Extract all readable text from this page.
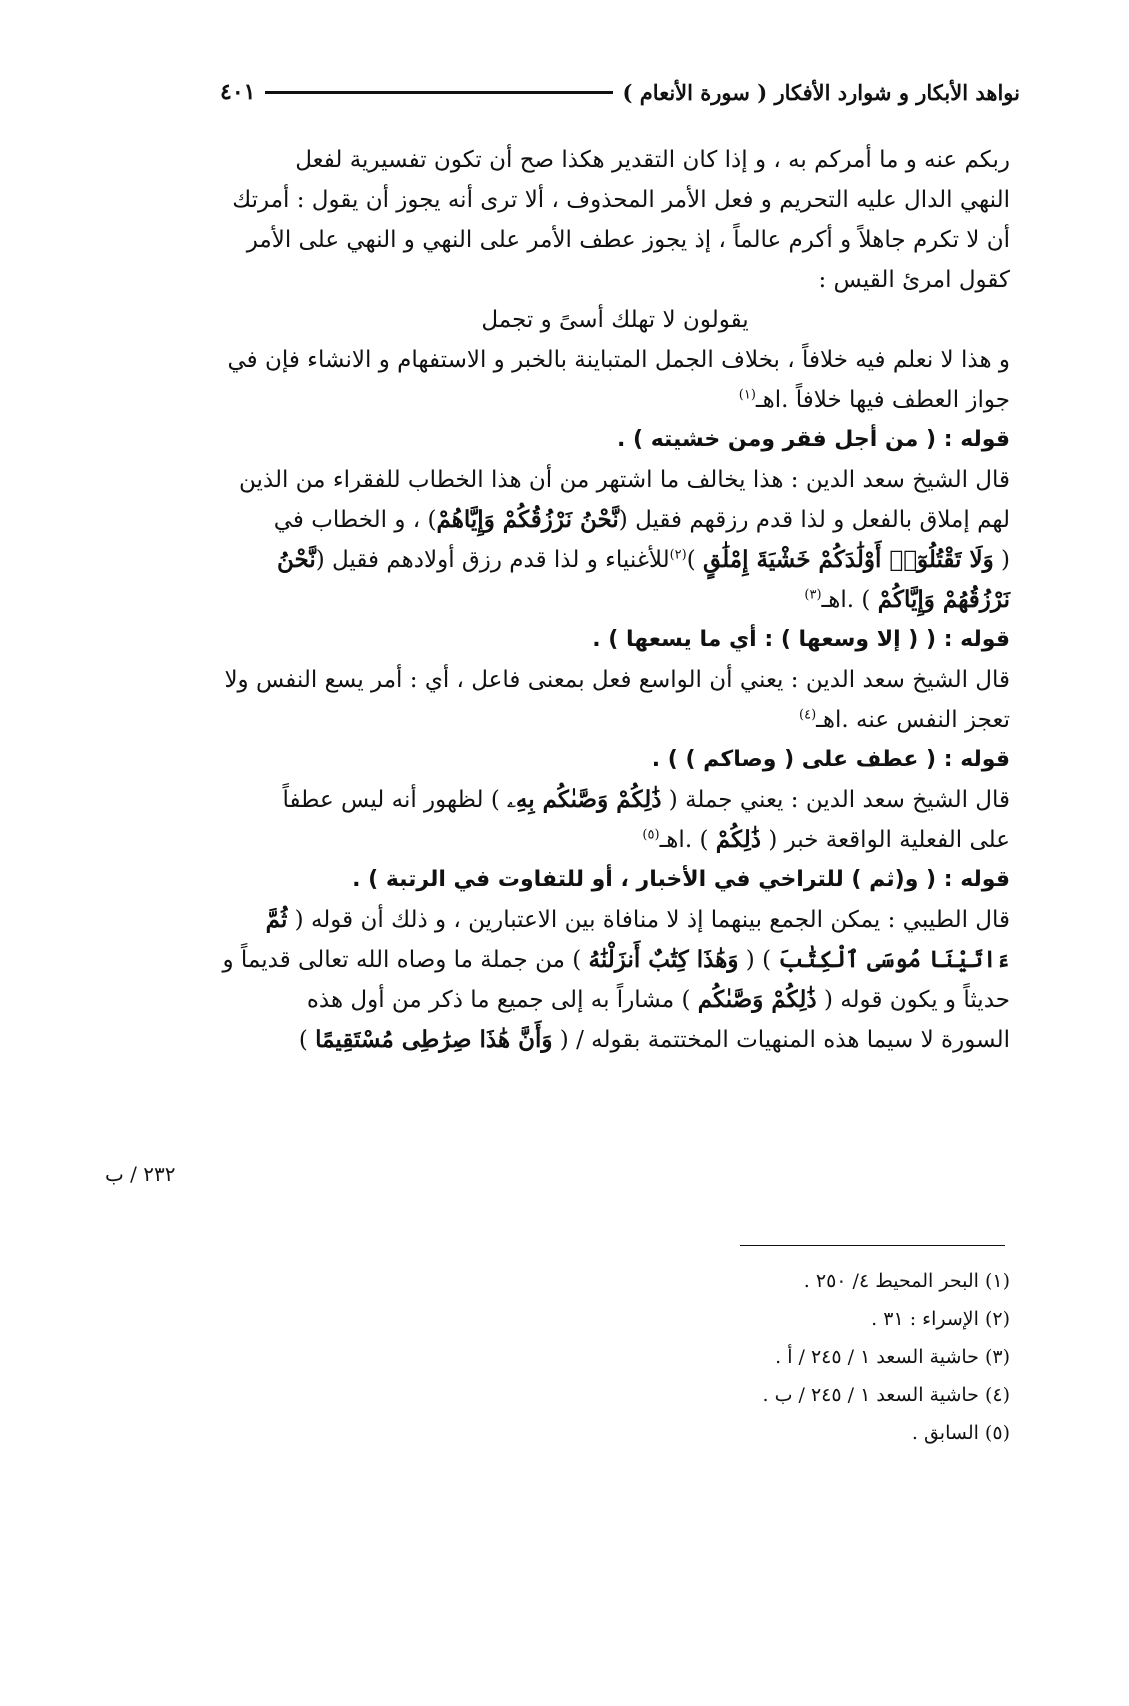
نواهد الأبكار و شوارد الأفكار ( سورة الأنعام )
٤٠١
ربكم عنه و ما أمركم به ، و إذا كان التقدير هكذا صح أن تكون تفسيرية لفعل
النهي الدال عليه التحريم و فعل الأمر المحذوف ، ألا ترى أنه يجوز أن يقول : أمرتك
أن لا تكرم جاهلاً و أكرم عالماً ، إذ يجوز عطف الأمر على النهي و النهي على الأمر
كقول امرئ القيس :
يقولون لا تهلك أسىً و تجمل
و هذا لا نعلم فيه خلافاً ، بخلاف الجمل المتباينة بالخبر و الاستفهام و الانشاء فإن في
جواز العطف فيها خلافاً .اهـ$^{(١)}$
قوله : ( من أجل فقر ومن خشيته ) .
قال الشيخ سعد الدين : هذا يخالف ما اشتهر من أن هذا الخطاب للفقراء من الذين
لهم إملاق بالفعل و لذا قدم رزقهم فقيل (نَّحْنُ نَرْزُقُكُمْ وَإِيَّاهُمْ) ، و الخطاب في
( وَلَا تَقْتُلُوٓا۟ أَوْلَٰدَكُمْ خَشْيَةَ إِمْلَٰقٍ )$^{(٢)}$للأغنياء و لذا قدم رزق أولادهم فقيل (نَّحْنُ
نَرْزُقُهُمْ وَإِيَّاكُمْ ) .اهـ$^{(٣)}$
قوله : ( ( إلا وسعها ) : أي ما يسعها ) .
قال الشيخ سعد الدين : يعني أن الواسع فعل بمعنى فاعل ، أي : أمر يسع النفس ولا
تعجز النفس عنه .اهـ$^{(٤)}$
قوله : ( عطف على ( وصاكم ) ) .
قال الشيخ سعد الدين : يعني جملة ( ذَٰلِكُمْ وَصَّىٰكُم بِهِۦ ) لظهور أنه ليس عطفاً
على الفعلية الواقعة خبر ( ذَٰلِكُمْ ) .اهـ$^{(٥)}$
قوله : ( و(ثم ) للتراخي في الأخبار ، أو للتفاوت في الرتبة ) .
قال الطيبي : يمكن الجمع بينهما إذ لا منافاة بين الاعتبارين ، و ذلك أن قوله ( ثُمَّ
ءَاتَيْنَا مُوسَى ٱلْكِتَٰبَ ) ( وَهَٰذَا كِتَٰبٌ أَنزَلْنَٰهُ ) من جملة ما وصاه الله تعالى قديماً و
حديثاً و يكون قوله ( ذَٰلِكُمْ وَصَّىٰكُم ) مشاراً به إلى جميع ما ذكر من أول هذه
السورة لا سيما هذه المنهيات المختتمة بقوله / ( وَأَنَّ هَٰذَا صِرَٰطِى مُسْتَقِيمًا )
٢٣٢ / ب
(١) البحر المحيط ٤/ ٢٥٠ .
(٢) الإسراء : ٣١ .
(٣) حاشية السعد ١ / ٢٤٥ / أ .
(٤) حاشية السعد ١ / ٢٤٥ / ب .
(٥) السابق .
